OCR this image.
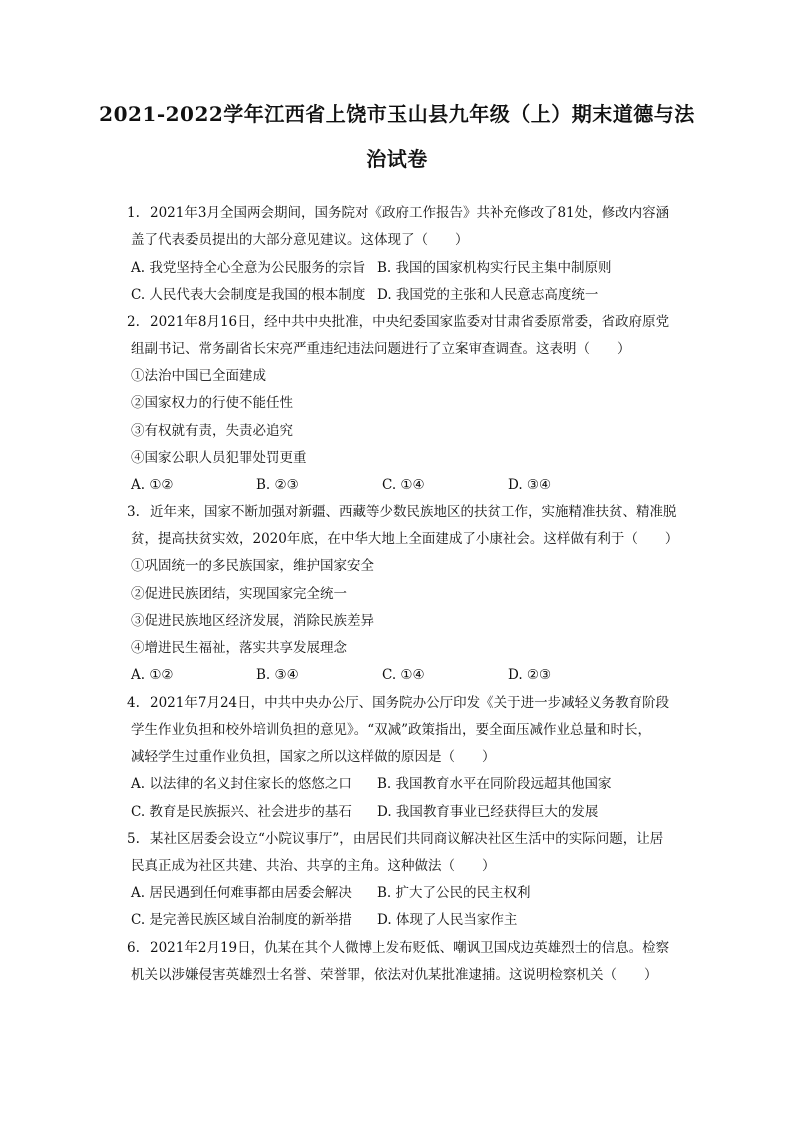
2021-2022学年江西省上饶市玉山县九年级（上）期末道德与法
治试卷
1. 2021年3月全国两会期间，国务院对《政府工作报告》共补充修改了81处，修改内容涵
盖了代表委员提出的大部分意见建议。这体现了（　　）
A. 我党坚持全心全意为公民服务的宗旨 B. 我国的国家机构实行民主集中制原则
C. 人民代表大会制度是我国的根本制度 D. 我国党的主张和人民意志高度统一
2. 2021年8月16日，经中共中央批准，中央纪委国家监委对甘肃省委原常委，省政府原党
组副书记、常务副省长宋亮严重违纪违法问题进行了立案审查调查。这表明（　　）
①法治中国已全面建成
②国家权力的行使不能任性
③有权就有责，失责必追究
④国家公职人员犯罪处罚更重
A. ①②	B. ②③	C. ①④	D. ③④
3. 近年来，国家不断加强对新疆、西藏等少数民族地区的扶贫工作，实施精准扶贫、精准脱
贫，提高扶贫实效，2020年底，在中华大地上全面建成了小康社会。这样做有利于（　　）
①巩固统一的多民族国家，维护国家安全
②促进民族团结，实现国家完全统一
③促进民族地区经济发展，消除民族差异
④增进民生福祉，落实共享发展理念
A. ①②	B. ③④	C. ①④	D. ②③
4. 2021年7月24日，中共中央办公厅、国务院办公厅印发《关于进一步减轻义务教育阶段
学生作业负担和校外培训负担的意见》。“双减”政策指出，要全面压减作业总量和时长，
减轻学生过重作业负担，国家之所以这样做的原因是（　　）
A. 以法律的名义封住家长的悠悠之口 B. 我国教育水平在同阶段远超其他国家
C. 教育是民族振兴、社会进步的基石 D. 我国教育事业已经获得巨大的发展
5. 某社区居委会设立“小院议事厅”，由居民们共同商议解决社区生活中的实际问题，让居
民真正成为社区共建、共治、共享的主角。这种做法（　　）
A. 居民遇到任何难事都由居委会解决 B. 扩大了公民的民主权利
C. 是完善民族区域自治制度的新举措 D. 体现了人民当家作主
6. 2021年2月19日，仇某在其个人微博上发布贬低、嘲讽卫国戍边英雄烈士的信息。检察
机关以涉嫌侵害英雄烈士名誉、荣誉罪，依法对仇某批准逮捕。这说明检察机关（　　）
